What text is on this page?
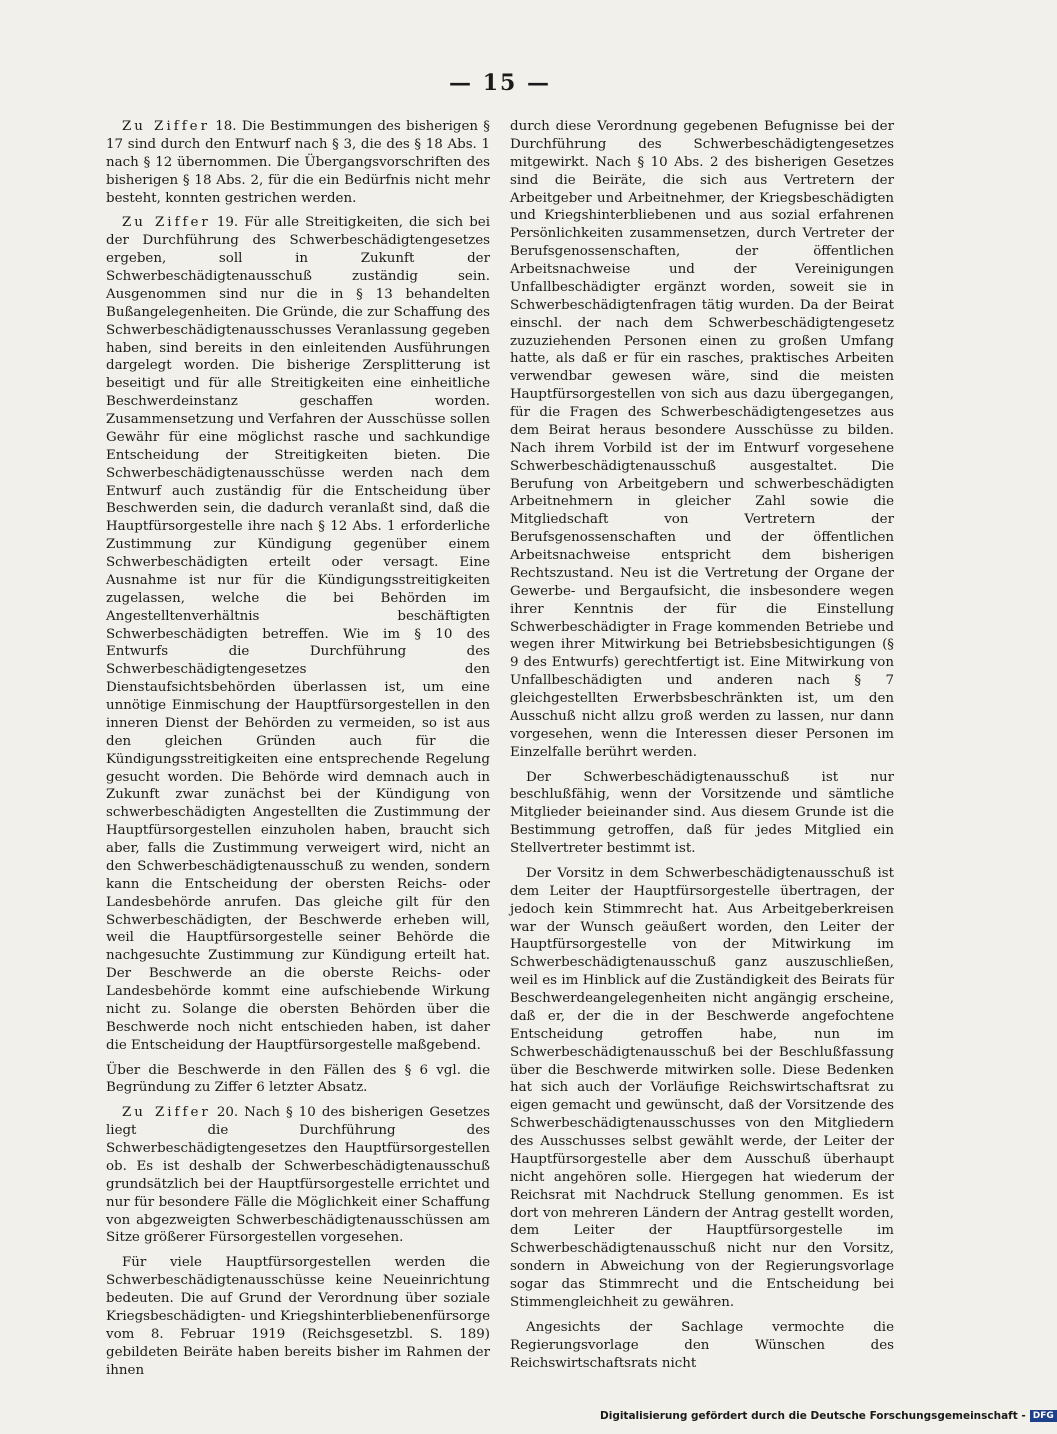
— 15 —

Zu Ziffer 18. Die Bestimmungen des bisherigen § 17 sind durch den Entwurf nach § 3, die des § 18 Abs. 1 nach § 12 übernommen. Die Übergangsvorschriften des bisherigen § 18 Abs. 2, für die ein Bedürfnis nicht mehr besteht, konnten gestrichen werden.

Zu Ziffer 19. Für alle Streitigkeiten, die sich bei der Durchführung des Schwerbeschädigtengesetzes ergeben, soll in Zukunft der Schwerbeschädigtenausschuß zuständig sein. Ausgenommen sind nur die in § 13 behandelten Bußangelegenheiten. Die Gründe, die zur Schaffung des Schwerbeschädigtenausschusses Veranlassung gegeben haben, sind bereits in den einleitenden Ausführungen dargelegt worden. Die bisherige Zersplitterung ist beseitigt und für alle Streitigkeiten eine einheitliche Beschwerdeinstanz geschaffen worden. Zusammensetzung und Verfahren der Ausschüsse sollen Gewähr für eine möglichst rasche und sachkundige Entscheidung der Streitigkeiten bieten. Die Schwerbeschädigtenausschüsse werden nach dem Entwurf auch zuständig für die Entscheidung über Beschwerden sein, die dadurch veranlaßt sind, daß die Hauptfürsorgestelle ihre nach § 12 Abs. 1 erforderliche Zustimmung zur Kündigung gegenüber einem Schwerbeschädigten erteilt oder versagt. Eine Ausnahme ist nur für die Kündigungsstreitigkeiten zugelassen, welche die bei Behörden im Angestelltenverhältnis beschäftigten Schwerbeschädigten betreffen. Wie im § 10 des Entwurfs die Durchführung des Schwerbeschädigtengesetzes den Dienstaufsichtsbehörden überlassen ist, um eine unnötige Einmischung der Hauptfürsorgestellen in den inneren Dienst der Behörden zu vermeiden, so ist aus den gleichen Gründen auch für die Kündigungsstreitigkeiten eine entsprechende Regelung gesucht worden. Die Behörde wird demnach auch in Zukunft zwar zunächst bei der Kündigung von schwerbeschädigten Angestellten die Zustimmung der Hauptfürsorgestellen einzuholen haben, braucht sich aber, falls die Zustimmung verweigert wird, nicht an den Schwerbeschädigtenausschuß zu wenden, sondern kann die Entscheidung der obersten Reichs- oder Landesbehörde anrufen. Das gleiche gilt für den Schwerbeschädigten, der Beschwerde erheben will, weil die Hauptfürsorgestelle seiner Behörde die nachgesuchte Zustimmung zur Kündigung erteilt hat. Der Beschwerde an die oberste Reichs- oder Landesbehörde kommt eine aufschiebende Wirkung nicht zu. Solange die obersten Behörden über die Beschwerde noch nicht entschieden haben, ist daher die Entscheidung der Hauptfürsorgestelle maßgebend.

Über die Beschwerde in den Fällen des § 6 vgl. die Begründung zu Ziffer 6 letzter Absatz.

Zu Ziffer 20. Nach § 10 des bisherigen Gesetzes liegt die Durchführung des Schwerbeschädigtengesetzes den Hauptfürsorgestellen ob. Es ist deshalb der Schwerbeschädigtenausschuß grundsätzlich bei der Hauptfürsorgestelle errichtet und nur für besondere Fälle die Möglichkeit einer Schaffung von abgezweigten Schwerbeschädigtenausschüssen am Sitze größerer Fürsorgestellen vorgesehen.

Für viele Hauptfürsorgestellen werden die Schwerbeschädigtenausschüsse keine Neueinrichtung bedeuten. Die auf Grund der Verordnung über soziale Kriegsbeschädigten- und Kriegshinterbliebenenfürsorge vom 8. Februar 1919 (Reichsgesetzbl. S. 189) gebildeten Beiräte haben bereits bisher im Rahmen der ihnen

durch diese Verordnung gegebenen Befugnisse bei der Durchführung des Schwerbeschädigtengesetzes mitgewirkt. Nach § 10 Abs. 2 des bisherigen Gesetzes sind die Beiräte, die sich aus Vertretern der Arbeitgeber und Arbeitnehmer, der Kriegsbeschädigten und Kriegshinterbliebenen und aus sozial erfahrenen Persönlichkeiten zusammensetzen, durch Vertreter der Berufsgenossenschaften, der öffentlichen Arbeitsnachweise und der Vereinigungen Unfallbeschädigter ergänzt worden, soweit sie in Schwerbeschädigtenfragen tätig wurden. Da der Beirat einschl. der nach dem Schwerbeschädigtengesetz zuzuziehenden Personen einen zu großen Umfang hatte, als daß er für ein rasches, praktisches Arbeiten verwendbar gewesen wäre, sind die meisten Hauptfürsorgestellen von sich aus dazu übergegangen, für die Fragen des Schwerbeschädigtengesetzes aus dem Beirat heraus besondere Ausschüsse zu bilden. Nach ihrem Vorbild ist der im Entwurf vorgesehene Schwerbeschädigtenausschuß ausgestaltet. Die Berufung von Arbeitgebern und schwerbeschädigten Arbeitnehmern in gleicher Zahl sowie die Mitgliedschaft von Vertretern der Berufsgenossenschaften und der öffentlichen Arbeitsnachweise entspricht dem bisherigen Rechtszustand. Neu ist die Vertretung der Organe der Gewerbe- und Bergaufsicht, die insbesondere wegen ihrer Kenntnis der für die Einstellung Schwerbeschädigter in Frage kommenden Betriebe und wegen ihrer Mitwirkung bei Betriebsbesichtigungen (§ 9 des Entwurfs) gerechtfertigt ist. Eine Mitwirkung von Unfallbeschädigten und anderen nach § 7 gleichgestellten Erwerbsbeschränkten ist, um den Ausschuß nicht allzu groß werden zu lassen, nur dann vorgesehen, wenn die Interessen dieser Personen im Einzelfalle berührt werden.

Der Schwerbeschädigtenausschuß ist nur beschlußfähig, wenn der Vorsitzende und sämtliche Mitglieder beieinander sind. Aus diesem Grunde ist die Bestimmung getroffen, daß für jedes Mitglied ein Stellvertreter bestimmt ist.

Der Vorsitz in dem Schwerbeschädigtenausschuß ist dem Leiter der Hauptfürsorgestelle übertragen, der jedoch kein Stimmrecht hat. Aus Arbeitgeberkreisen war der Wunsch geäußert worden, den Leiter der Hauptfürsorgestelle von der Mitwirkung im Schwerbeschädigtenausschuß ganz auszuschließen, weil es im Hinblick auf die Zuständigkeit des Beirats für Beschwerdeangelegenheiten nicht angängig erscheine, daß er, der die in der Beschwerde angefochtene Entscheidung getroffen habe, nun im Schwerbeschädigtenausschuß bei der Beschlußfassung über die Beschwerde mitwirken solle. Diese Bedenken hat sich auch der Vorläufige Reichswirtschaftsrat zu eigen gemacht und gewünscht, daß der Vorsitzende des Schwerbeschädigtenausschusses von den Mitgliedern des Ausschusses selbst gewählt werde, der Leiter der Hauptfürsorgestelle aber dem Ausschuß überhaupt nicht angehören solle. Hiergegen hat wiederum der Reichsrat mit Nachdruck Stellung genommen. Es ist dort von mehreren Ländern der Antrag gestellt worden, dem Leiter der Hauptfürsorgestelle im Schwerbeschädigtenausschuß nicht nur den Vorsitz, sondern in Abweichung von der Regierungsvorlage sogar das Stimmrecht und die Entscheidung bei Stimmengleichheit zu gewähren.

Angesichts der Sachlage vermochte die Regierungsvorlage den Wünschen des Reichswirtschaftsrats nicht

Digitalisierung gefördert durch die Deutsche Forschungsgemeinschaft - DFG
